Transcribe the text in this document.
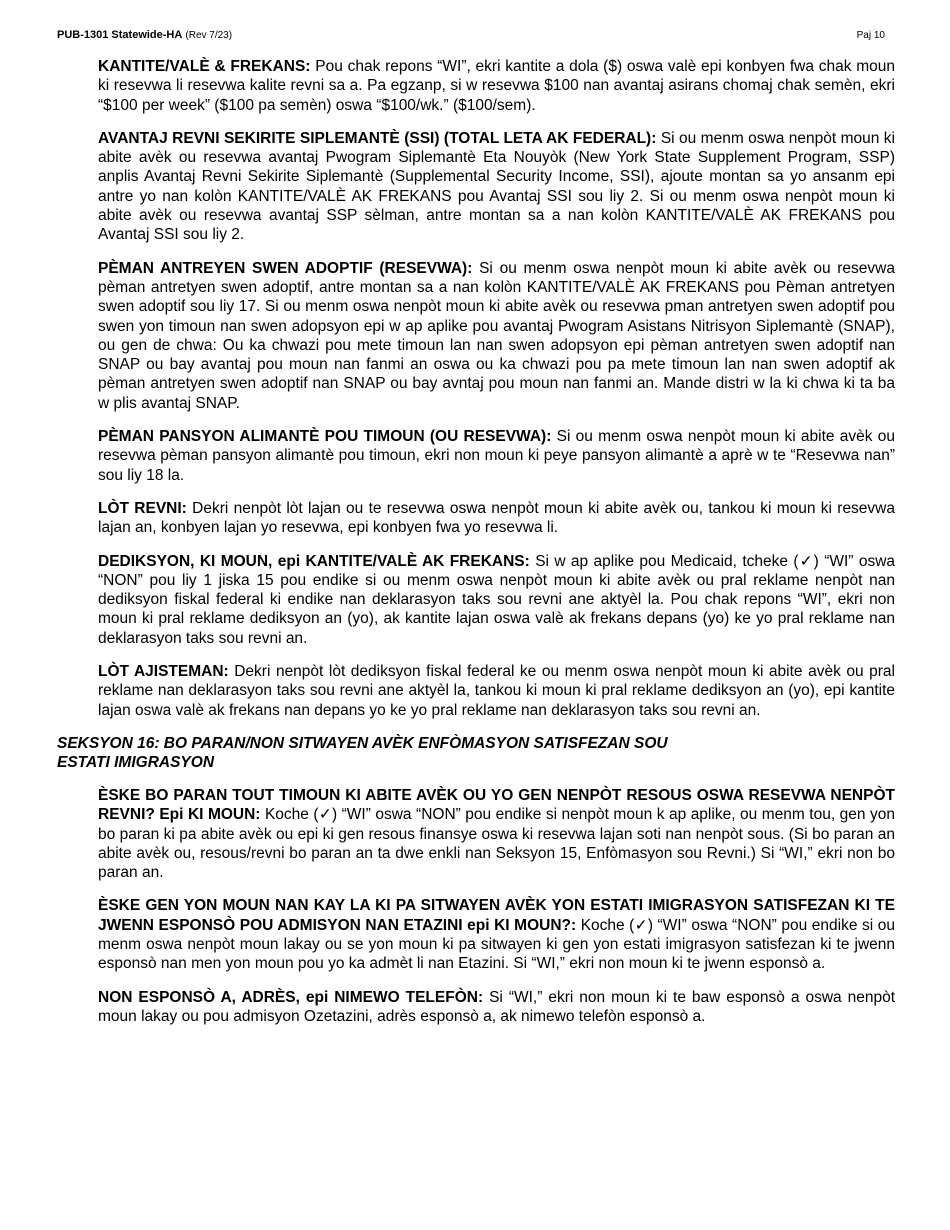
PUB-1301 Statewide-HA (Rev 7/23)	Paj 10

KANTITE/VALÈ & FREKANS: Pou chak repons “WI”, ekri kantite a dola ($) oswa valè epi konbyen fwa chak moun ki resevwa li resevwa kalite revni sa a. Pa egzanp, si w resevwa $100 nan avantaj asirans chomaj chak semèn, ekri “$100 per week” ($100 pa semèn) oswa “$100/wk.” ($100/sem).

AVANTAJ REVNI SEKIRITE SIPLEMANTÈ (SSI) (TOTAL LETA AK FEDERAL): Si ou menm oswa nenpòt moun ki abite avèk ou resevwa avantaj Pwogram Siplemantè Eta Nouyòk (New York State Supplement Program, SSP) anplis Avantaj Revni Sekirite Siplemantè (Supplemental Security Income, SSI), ajoute montan sa yo ansanm epi antre yo nan kolòn KANTITE/VALÈ AK FREKANS pou Avantaj SSI sou liy 2. Si ou menm oswa nenpòt moun ki abite avèk ou resevwa avantaj SSP sèlman, antre montan sa a nan kolòn KANTITE/VALÈ AK FREKANS pou Avantaj SSI sou liy 2.

PÈMAN ANTREYEN SWEN ADOPTIF (RESEVWA): Si ou menm oswa nenpòt moun ki abite avèk ou resevwa pèman antretyen swen adoptif, antre montan sa a nan kolòn KANTITE/VALÈ AK FREKANS pou Pèman antretyen swen adoptif sou liy 17. Si ou menm oswa nenpòt moun ki abite avèk ou resevwa pman antretyen swen adoptif pou swen yon timoun nan swen adopsyon epi w ap aplike pou avantaj Pwogram Asistans Nitrisyon Siplemantè (SNAP), ou gen de chwa: Ou ka chwazi pou mete timoun lan nan swen adopsyon epi pèman antretyen swen adoptif nan SNAP ou bay avantaj pou moun nan fanmi an oswa ou ka chwazi pou pa mete timoun lan nan swen adoptif ak pèman antretyen swen adoptif nan SNAP ou bay avntaj pou moun nan fanmi an. Mande distri w la ki chwa ki ta ba w plis avantaj SNAP.

PÈMAN PANSYON ALIMANTÈ POU TIMOUN (OU RESEVWA): Si ou menm oswa nenpòt moun ki abite avèk ou resevwa pèman pansyon alimantè pou timoun, ekri non moun ki peye pansyon alimantè a aprè w te “Resevwa nan” sou liy 18 la.

LÒT REVNI: Dekri nenpòt lòt lajan ou te resevwa oswa nenpòt moun ki abite avèk ou, tankou ki moun ki resevwa lajan an, konbyen lajan yo resevwa, epi konbyen fwa yo resevwa li.

DEDIKSYON, KI MOUN, epi KANTITE/VALÈ AK FREKANS: Si w ap aplike pou Medicaid, tcheke (✓) “WI” oswa “NON” pou liy 1 jiska 15 pou endike si ou menm oswa nenpòt moun ki abite avèk ou pral reklame nenpòt nan dediksyon fiskal federal ki endike nan deklarasyon taks sou revni ane aktyèl la. Pou chak repons “WI”, ekri non moun ki pral reklame dediksyon an (yo), ak kantite lajan oswa valè ak frekans depans (yo) ke yo pral reklame nan deklarasyon taks sou revni an.

LÒT AJISTEMAN: Dekri nenpòt lòt dediksyon fiskal federal ke ou menm oswa nenpòt moun ki abite avèk ou pral reklame nan deklarasyon taks sou revni ane aktyèl la, tankou ki moun ki pral reklame dediksyon an (yo), epi kantite lajan oswa valè ak frekans nan depans yo ke yo pral reklame nan deklarasyon taks sou revni an.

SEKSYON 16: BO PARAN/NON SITWAYEN AVÈK ENFÒMASYON SATISFEZAN SOU
ESTATI IMIGRASYON

ÈSKE BO PARAN TOUT TIMOUN KI ABITE AVÈK OU YO GEN NENPÒT RESOUS OSWA RESEVWA NENPÒT REVNI? Epi KI MOUN: Koche (✓) “WI” oswa “NON” pou endike si nenpòt moun k ap aplike, ou menm tou, gen yon bo paran ki pa abite avèk ou epi ki gen resous finansye oswa ki resevwa lajan soti nan nenpòt sous. (Si bo paran an abite avèk ou, resous/revni bo paran an ta dwe enkli nan Seksyon 15, Enfòmasyon sou Revni.) Si “WI,” ekri non bo paran an.

ÈSKE GEN YON MOUN NAN KAY LA KI PA SITWAYEN AVÈK YON ESTATI IMIGRASYON SATISFEZAN KI TE JWENN ESPONSÒ POU ADMISYON NAN ETAZINI epi KI MOUN?: Koche (✓) “WI” oswa “NON” pou endike si ou menm oswa nenpòt moun lakay ou se yon moun ki pa sitwayen ki gen yon estati imigrasyon satisfezan ki te jwenn esponsò nan men yon moun pou yo ka admèt li nan Etazini. Si “WI,” ekri non moun ki te jwenn esponsò a.

NON ESPONSÒ A, ADRÈS, epi NIMEWO TELEFÒN: Si “WI,” ekri non moun ki te baw esponsò a oswa nenpòt moun lakay ou pou admisyon Ozetazini, adrès esponsò a, ak nimewo telefòn esponsò a.
